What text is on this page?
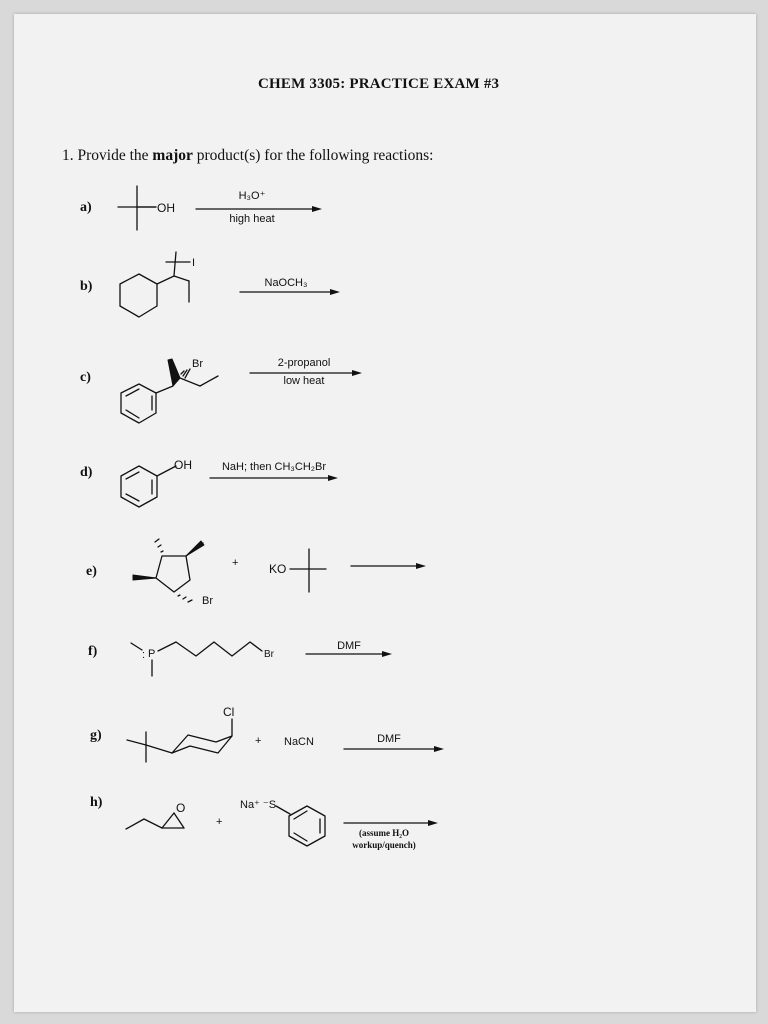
CHEM 3305: PRACTICE EXAM #3
1. Provide the major product(s) for the following reactions:
a)
b)
c)
d)
e)
f)
g)
h)
H₃O⁺
high heat
NaOCH₃
2-propanol
low heat
NaH; then CH₃CH₂Br
DMF
DMF
(assume H₂O workup/quench)
+
+ NaCN
+
OH
I
Br
OH
Br
KO
P
:	Br
Cl
O	Na⁺ ⁻S
